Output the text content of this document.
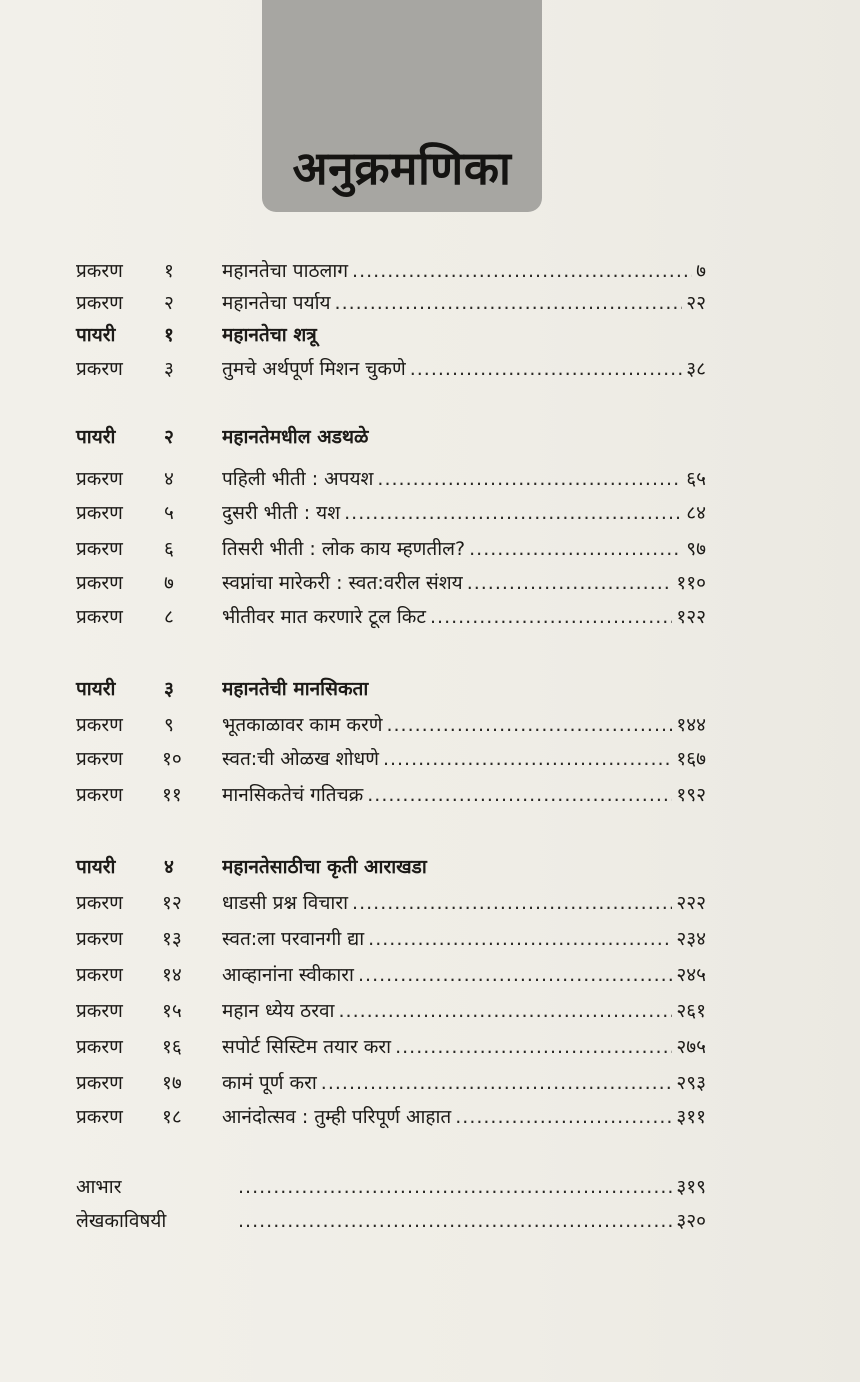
अनुक्रमणिका
प्रकरण १	महानतेचा पाठलाग .....	७
प्रकरण २	महानतेचा पर्याय .....	२२
पायरी	१	महानतेचा शत्रू
प्रकरण ३	तुमचे अर्थपूर्ण मिशन चुकणे .....	३८
पायरी	२	महानतेमधील अडथळे
प्रकरण ४	पहिली भीती : अपयश .....	६५
प्रकरण ५	दुसरी भीती : यश .....	८४
प्रकरण ६	तिसरी भीती : लोक काय म्हणतील? .....	९७
प्रकरण ७	स्वप्नांचा मारेकरी : स्वत:वरील संशय .....	११०
प्रकरण ८	भीतीवर मात करणारे टूल किट .....	१२२
पायरी	३	महानतेची मानसिकता
प्रकरण ९	भूतकाळावर काम करणे .....	१४४
प्रकरण १० स्वत:ची ओळख शोधणे .....	१६७
प्रकरण ११ मानसिकतेचं गतिचक्र .....	१९२
पायरी	४	महानतेसाठीचा कृती आराखडा
प्रकरण १२ धाडसी प्रश्न विचारा .....	२२२
प्रकरण १३ स्वत:ला परवानगी द्या .....	२३४
प्रकरण १४ आव्हानांना स्वीकारा .....	२४५
प्रकरण १५ महान ध्येय ठरवा .....	२६१
प्रकरण १६ सपोर्ट सिस्टिम तयार करा .....	२७५
प्रकरण १७ कामं पूर्ण करा .....	२९३
प्रकरण १८ आनंदोत्सव : तुम्ही परिपूर्ण आहात .....	३११
आभार .....	३१९
लेखकाविषयी .....	३२०
